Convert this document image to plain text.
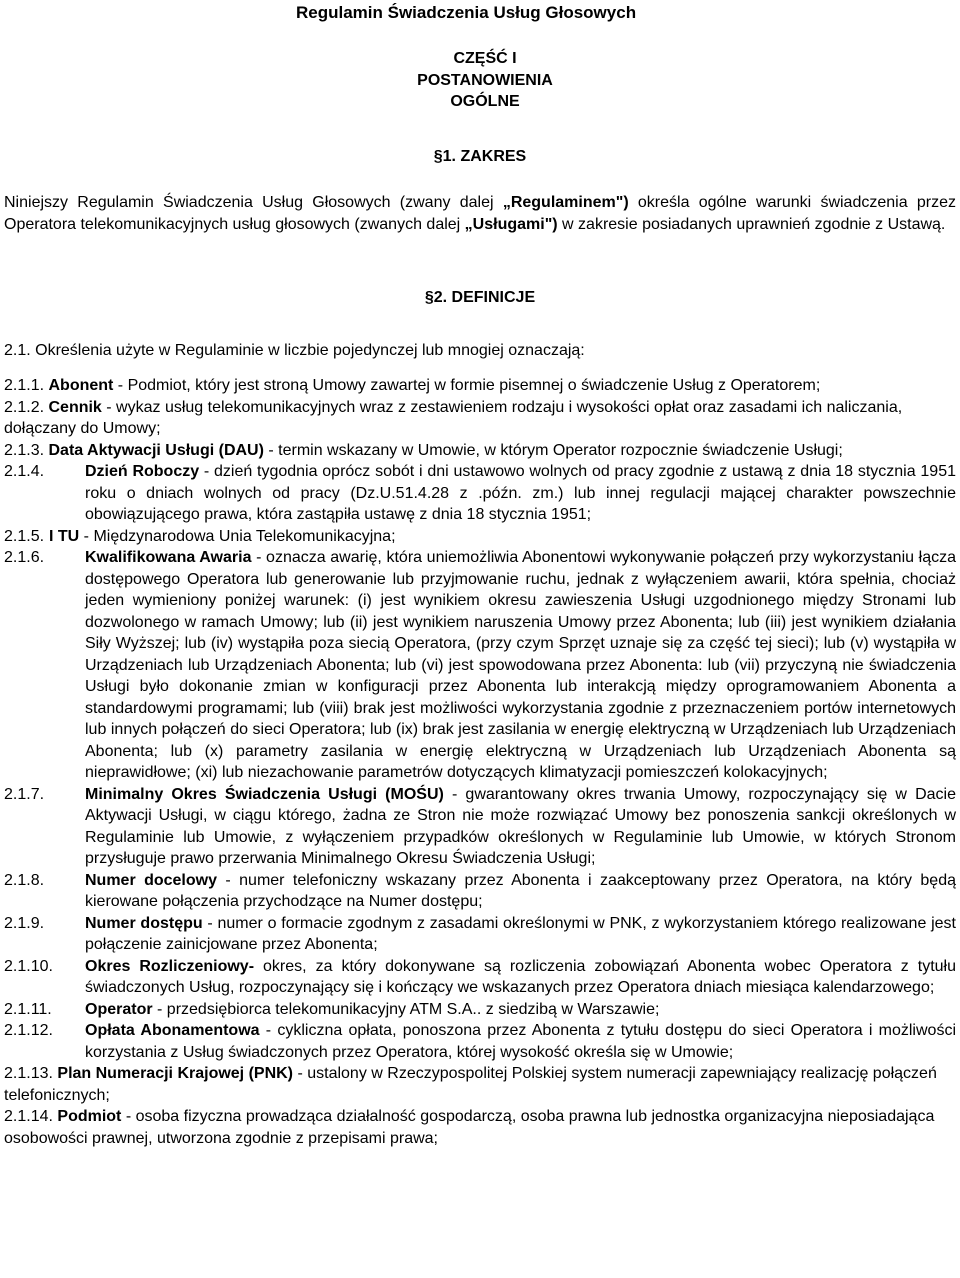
Regulamin Świadczenia Usług Głosowych
CZĘŚĆ I
POSTANOWIENIA
OGÓLNE
§1. ZAKRES

Niniejszy Regulamin Świadczenia Usług Głosowych (zwany dalej „Regulaminem") określa ogólne warunki świadczenia przez Operatora telekomunikacyjnych usług głosowych (zwanych dalej „Usługami") w zakresie posiadanych uprawnień zgodnie z Ustawą.

§2. DEFINICJE

2.1. Określenia użyte w Regulaminie w liczbie pojedynczej lub mnogiej oznaczają:

2.1.1. Abonent - Podmiot, który jest stroną Umowy zawartej w formie pisemnej o świadczenie Usług z Operatorem;

2.1.2. Cennik - wykaz usług telekomunikacyjnych wraz z zestawieniem rodzaju i wysokości opłat oraz zasadami ich naliczania, dołączany do Umowy;

2.1.3. Data Aktywacji Usługi (DAU) - termin wskazany w Umowie, w którym Operator rozpocznie świadczenie Usługi;

2.1.4.	Dzień Roboczy - dzień tygodnia oprócz sobót i dni ustawowo wolnych od pracy zgodnie z ustawą z dnia 18 stycznia 1951 roku o dniach wolnych od pracy (Dz.U.51.4.28 z .późn. zm.) lub innej regulacji mającej charakter powszechnie obowiązującego prawa, która zastąpiła ustawę z dnia 18 stycznia 1951;

2.1.5. I TU - Międzynarodowa Unia Telekomunikacyjna;

2.1.6.	Kwalifikowana Awaria - oznacza awarię, która uniemożliwia Abonentowi wykonywanie połączeń przy wykorzystaniu łącza dostępowego Operatora lub generowanie lub przyjmowanie ruchu, jednak z wyłączeniem awarii, która spełnia, chociaż jeden wymieniony poniżej warunek: (i) jest wynikiem okresu zawieszenia Usługi uzgodnionego między Stronami lub dozwolonego w ramach Umowy; lub (ii) jest wynikiem naruszenia Umowy przez Abonenta; lub (iii) jest wynikiem działania Siły Wyższej; lub (iv) wystąpiła poza siecią Operatora, (przy czym Sprzęt uznaje się za część tej sieci); lub (v) wystąpiła w Urządzeniach lub Urządzeniach Abonenta; lub (vi) jest spowodowana przez Abonenta: lub (vii) przyczyną nie świadczenia Usługi było dokonanie zmian w konfiguracji przez Abonenta lub interakcją między oprogramowaniem Abonenta a standardowymi programami; lub (viii) brak jest możliwości wykorzystania zgodnie z przeznaczeniem portów internetowych lub innych połączeń do sieci Operatora; lub (ix) brak jest zasilania w energię elektryczną w Urządzeniach lub Urządzeniach Abonenta; lub (x) parametry zasilania w energię elektryczną w Urządzeniach lub Urządzeniach Abonenta są nieprawidłowe; (xi) lub niezachowanie parametrów dotyczących klimatyzacji pomieszczeń kolokacyjnych;

2.1.7.	Minimalny Okres Świadczenia Usługi (MOŚU) - gwarantowany okres trwania Umowy, rozpoczynający się w Dacie Aktywacji Usługi, w ciągu którego, żadna ze Stron nie może rozwiązać Umowy bez ponoszenia sankcji określonych w Regulaminie lub Umowie, z wyłączeniem przypadków określonych w Regulaminie lub Umowie, w których Stronom przysługuje prawo przerwania Minimalnego Okresu Świadczenia Usługi;

2.1.8.	Numer docelowy - numer telefoniczny wskazany przez Abonenta i zaakceptowany przez Operatora, na który będą kierowane połączenia przychodzące na Numer dostępu;

2.1.9.	Numer dostępu - numer o formacie zgodnym z zasadami określonymi w PNK, z wykorzystaniem którego realizowane jest połączenie zainicjowane przez Abonenta;

2.1.10. Okres Rozliczeniowy- okres, za który dokonywane są rozliczenia zobowiązań Abonenta wobec Operatora z tytułu świadczonych Usług, rozpoczynający się i kończący we wskazanych przez Operatora dniach miesiąca kalendarzowego;

2.1.11. Operator - przedsiębiorca telekomunikacyjny ATM S.A.. z siedzibą w Warszawie;

2.1.12. Opłata Abonamentowa - cykliczna opłata, ponoszona przez Abonenta z tytułu dostępu do sieci Operatora i możliwości korzystania z Usług świadczonych przez Operatora, której wysokość określa się w Umowie;

2.1.13. Plan Numeracji Krajowej (PNK) - ustalony w Rzeczypospolitej Polskiej system numeracji zapewniający realizację połączeń telefonicznych;

2.1.14. Podmiot - osoba fizyczna prowadząca działalność gospodarczą, osoba prawna lub jednostka organizacyjna nieposiadająca osobowości prawnej, utworzona zgodnie z przepisami prawa;
